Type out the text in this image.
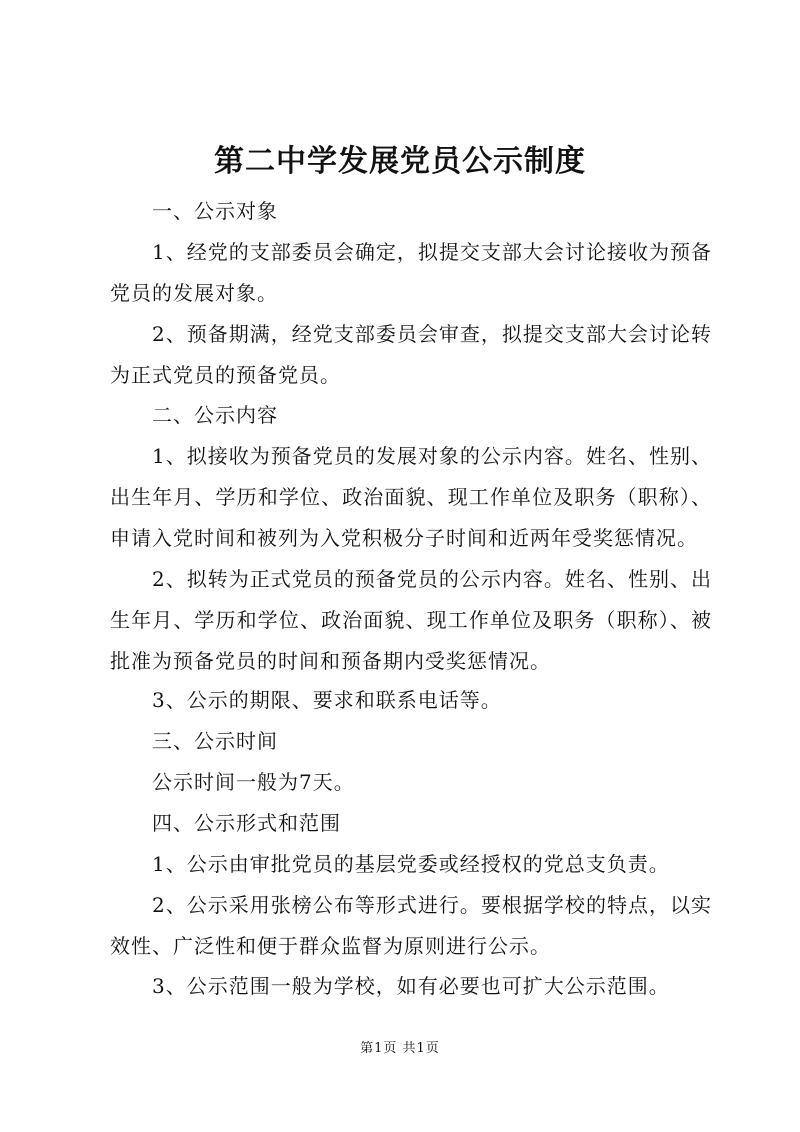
第二中学发展党员公示制度
一、公示对象
1、经党的支部委员会确定，拟提交支部大会讨论接收为预备党员的发展对象。
2、预备期满，经党支部委员会审查，拟提交支部大会讨论转为正式党员的预备党员。
二、公示内容
1、拟接收为预备党员的发展对象的公示内容。姓名、性别、出生年月、学历和学位、政治面貌、现工作单位及职务（职称）、申请入党时间和被列为入党积极分子时间和近两年受奖惩情况。
2、拟转为正式党员的预备党员的公示内容。姓名、性别、出生年月、学历和学位、政治面貌、现工作单位及职务（职称）、被批准为预备党员的时间和预备期内受奖惩情况。
3、公示的期限、要求和联系电话等。
三、公示时间
公示时间一般为7天。
四、公示形式和范围
1、公示由审批党员的基层党委或经授权的党总支负责。
2、公示采用张榜公布等形式进行。要根据学校的特点，以实效性、广泛性和便于群众监督为原则进行公示。
3、公示范围一般为学校，如有必要也可扩大公示范围。
第1页 共1页
